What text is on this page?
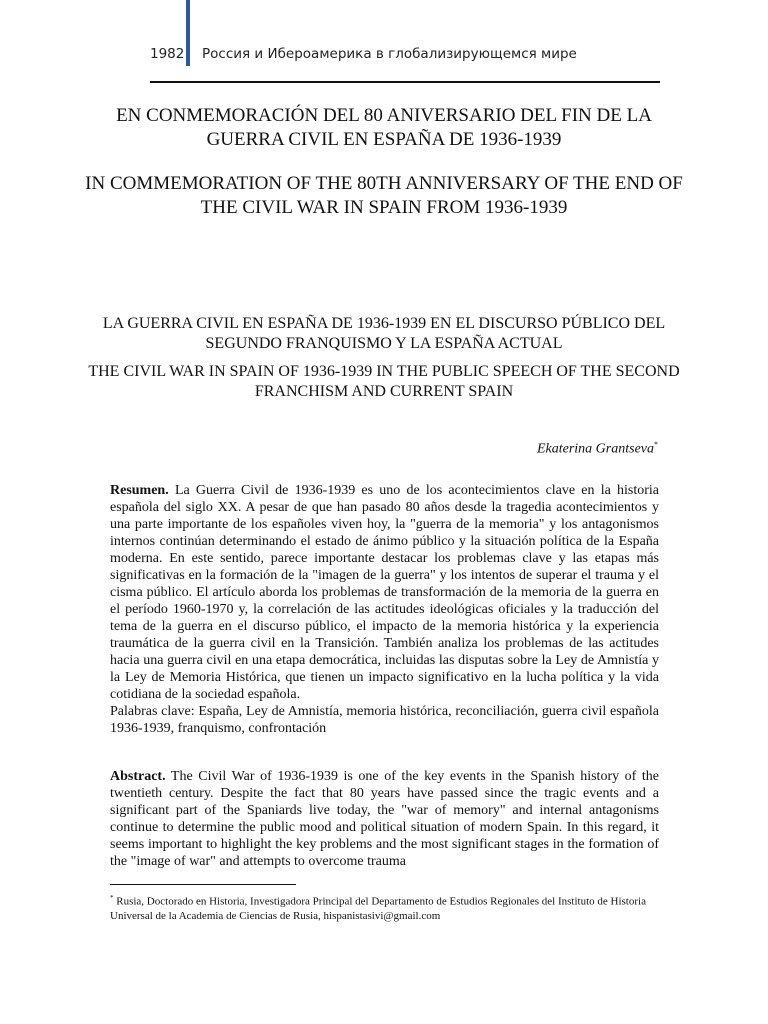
1982 Россия и Ибероамерика в глобализирующемся мире
EN CONMEMORACIÓN DEL 80 ANIVERSARIO DEL FIN DE LA GUERRA CIVIL EN ESPAÑA DE 1936-1939
IN COMMEMORATION OF THE 80TH ANNIVERSARY OF THE END OF THE CIVIL WAR IN SPAIN FROM 1936-1939
LA GUERRA CIVIL EN ESPAÑA DE 1936-1939 EN EL DISCURSO PÚBLICO DEL SEGUNDO FRANQUISMO Y LA ESPAÑA ACTUAL
THE CIVIL WAR IN SPAIN OF 1936-1939 IN THE PUBLIC SPEECH OF THE SECOND FRANCHISM AND CURRENT SPAIN
Ekaterina Grantseva*

Resumen. La Guerra Civil de 1936-1939 es uno de los acontecimientos clave en la historia española del siglo XX. A pesar de que han pasado 80 años desde la tragedia acontecimientos y una parte importante de los españoles viven hoy, la "guerra de la memoria" y los antagonismos internos continúan determinando el estado de ánimo público y la situación política de la España moderna. En este sentido, parece importante destacar los problemas clave y las etapas más significativas en la formación de la "imagen de la guerra" y los intentos de superar el trauma y el cisma público. El artículo aborda los problemas de transformación de la memoria de la guerra en el período 1960-1970 y, la correlación de las actitudes ideológicas oficiales y la traducción del tema de la guerra en el discurso público, el impacto de la memoria histórica y la experiencia traumática de la guerra civil en la Transición. También analiza los problemas de las actitudes hacia una guerra civil en una etapa democrática, incluidas las disputas sobre la Ley de Amnistía y la Ley de Memoria Histórica, que tienen un impacto significativo en la lucha política y la vida cotidiana de la sociedad española.

Palabras clave: España, Ley de Amnistía, memoria histórica, reconciliación, guerra civil española 1936-1939, franquismo, confrontación

Abstract. The Civil War of 1936-1939 is one of the key events in the Spanish history of the twentieth century. Despite the fact that 80 years have passed since the tragic events and a significant part of the Spaniards live today, the "war of memory" and internal antagonisms continue to determine the public mood and political situation of modern Spain. In this regard, it seems important to highlight the key problems and the most significant stages in the formation of the "image of war" and attempts to overcome trauma

* Rusia, Doctorado en Historia, Investigadora Principal del Departamento de Estudios Regionales del Instituto de Historia Universal de la Academia de Ciencias de Rusia, hispanistasivi@gmail.com
